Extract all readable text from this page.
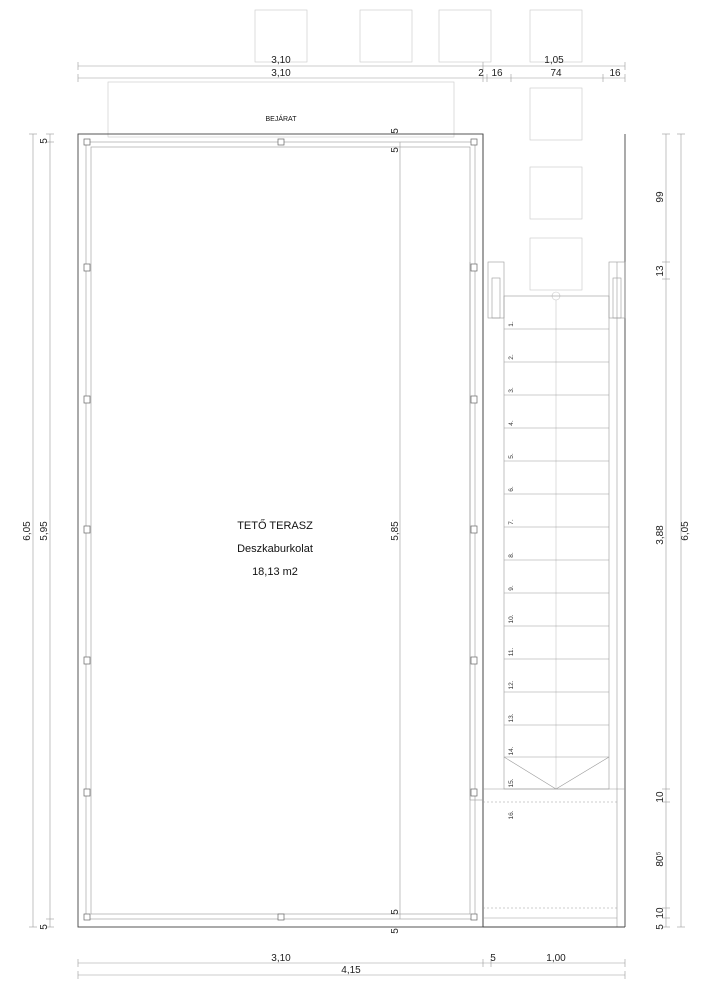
3,10	1,05
3,10	2 16	74	16
BEJÁRAT
TETŐ TERASZ
Deszkaburkolat
18,13 m2
5,85
5
5
5
5
1.
2.
3.
4.
5.
6.
7.
8.
9.
10.
11.
12.
13.
14.
15.
16.
6,05 5,95
5
5
99
13
3,88
10
80⁵
10
5
6,05
3,10	5	1,00
4,15
